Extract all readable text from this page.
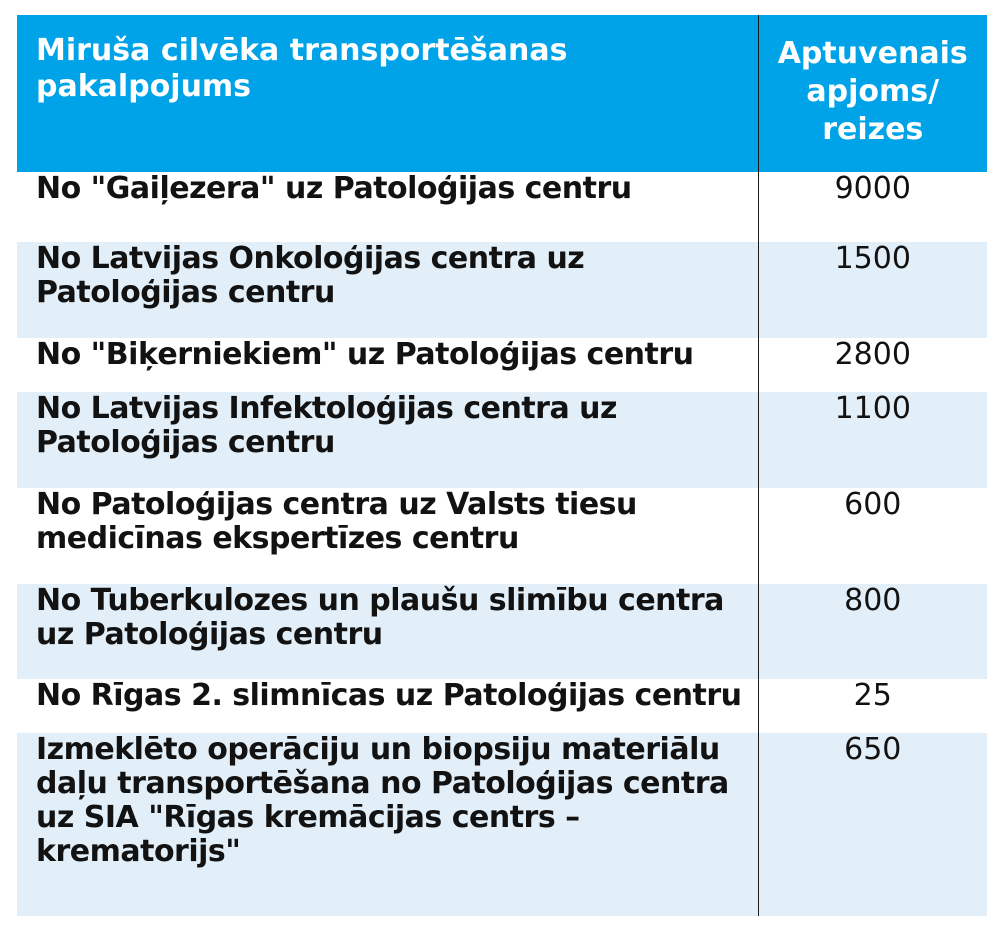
Miruša cilvēka transportēšanas pakalpojums	Aptuvenais apjoms/ reizes
No "Gaiļezera" uz Patoloģijas centru	9000
No Latvijas Onkoloģijas centra uz Patoloģijas centru	1500
No "Biķerniekiem" uz Patoloģijas centru	2800
No Latvijas Infektoloģijas centra uz Patoloģijas centru	1100
No Patoloģijas centra uz Valsts tiesu medicīnas ekspertīzes centru	600
No Tuberkulozes un plaušu slimību centra uz Patoloģijas centru	800
No Rīgas 2. slimnīcas uz Patoloģijas centru	25
Izmeklēto operāciju un biopsiju materiālu daļu transportēšana no Patoloģijas centra uz SIA "Rīgas kremācijas centrs – krematorijs"	650
